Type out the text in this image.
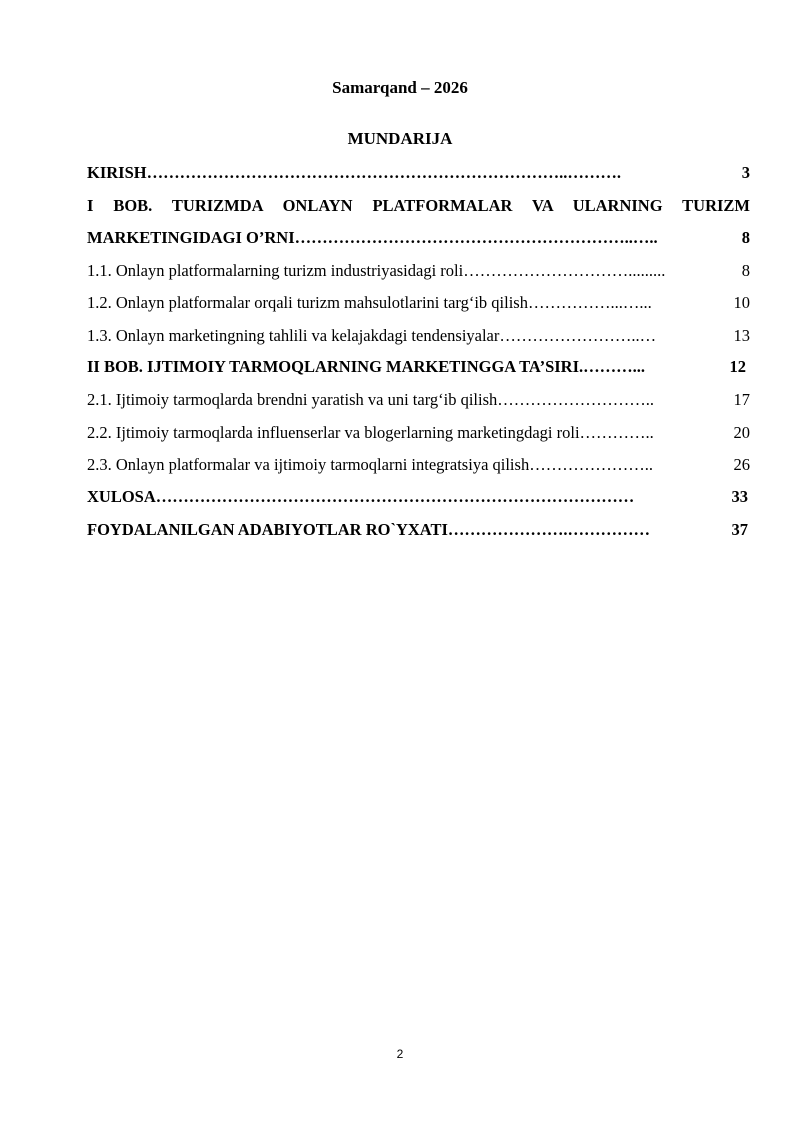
Samarqand – 2026
MUNDARIJA
KIRISH…………………………………………………………………..……….	3
I BOB. TURIZMDA ONLAYN PLATFORMALAR VA ULARNING TURIZM
MARKETINGIDAGI O’RNI……………………………………………………..…..	8
1.1. Onlayn platformalarning turizm industriyasidagi roli………………………….........	8
1.2. Onlayn platformalar orqali turizm mahsulotlarini targ‘ib qilish……………...…...	10
1.3. Onlayn marketingning tahlili va kelajakdagi tendensiyalar……………………..…	13
II BOB. IJTIMOIY TARMOQLARNING MARKETINGGA TA’SIRI.………...	12
2.1. Ijtimoiy tarmoqlarda brendni yaratish va uni targ‘ib qilish………………………..	17
2.2. Ijtimoiy tarmoqlarda influenserlar va blogerlarning marketingdagi roli…………..	20
2.3. Onlayn platformalar va ijtimoiy tarmoqlarni integratsiya qilish…………………..	26
XULOSA……………………………………………………………………………	33
FOYDALANILGAN ADABIYOTLAR RO`YXATI………………….……………	37
2
